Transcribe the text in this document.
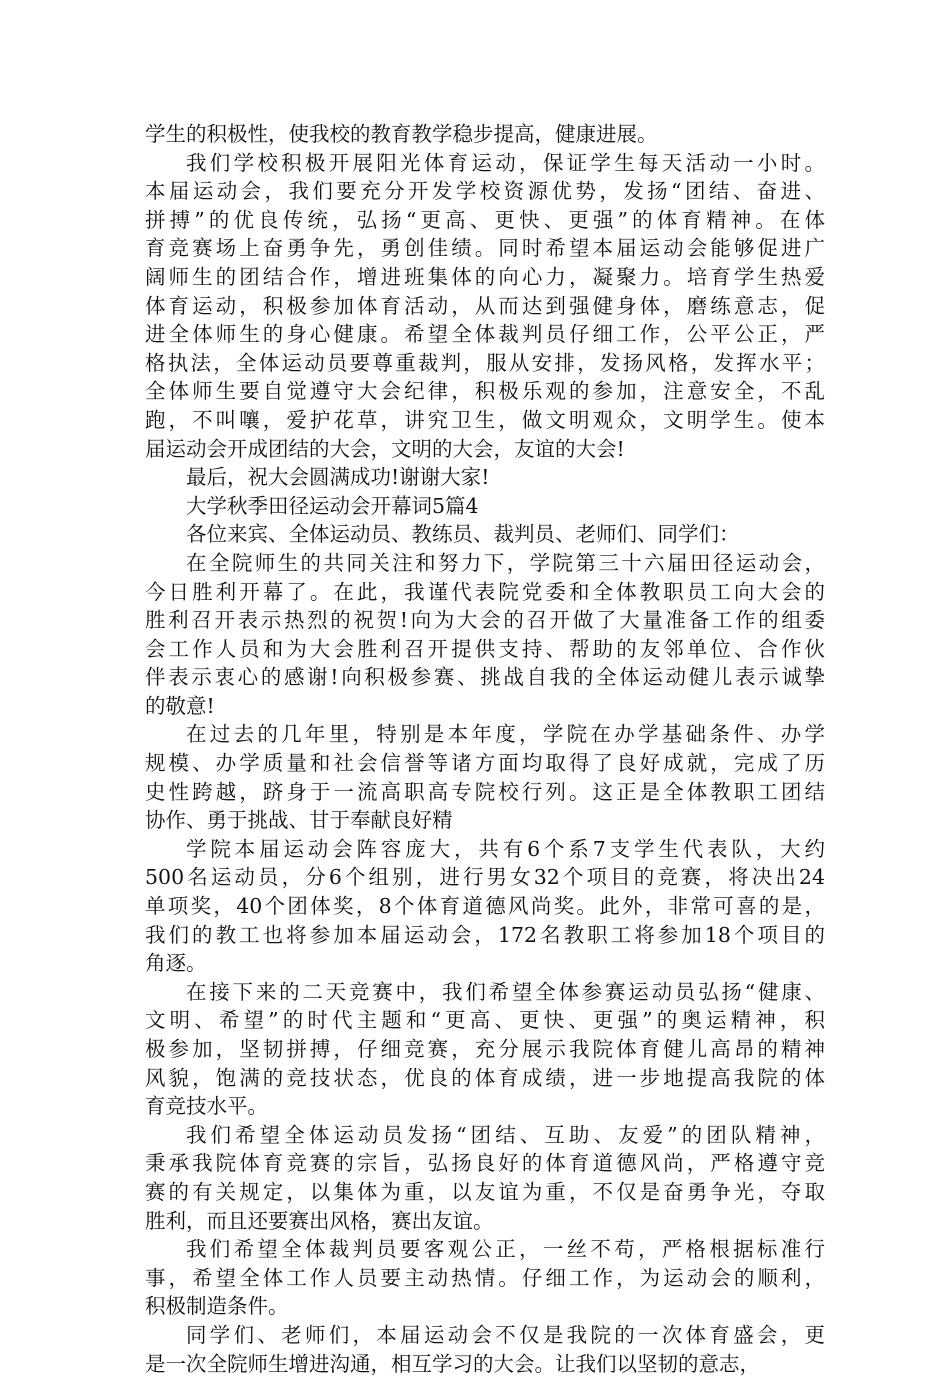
学生的积极性，使我校的教育教学稳步提高，健康进展。
我们学校积极开展阳光体育运动，保证学生每天活动一小时。
本届运动会，我们要充分开发学校资源优势，发扬“团结、奋进、
拼搏”的优良传统，弘扬“更高、更快、更强”的体育精神。在体
育竞赛场上奋勇争先，勇创佳绩。同时希望本届运动会能够促进广
阔师生的团结合作，增进班集体的向心力，凝聚力。培育学生热爱
体育运动，积极参加体育活动，从而达到强健身体，磨练意志，促
进全体师生的身心健康。希望全体裁判员仔细工作，公平公正，严
格执法，全体运动员要尊重裁判，服从安排，发扬风格，发挥水平；
全体师生要自觉遵守大会纪律，积极乐观的参加，注意安全，不乱
跑，不叫嚷，爱护花草，讲究卫生，做文明观众，文明学生。使本
届运动会开成团结的大会，文明的大会，友谊的大会!
最后，祝大会圆满成功!谢谢大家!
大学秋季田径运动会开幕词5篇4
各位来宾、全体运动员、教练员、裁判员、老师们、同学们：
在全院师生的共同关注和努力下，学院第三十六届田径运动会，
今日胜利开幕了。在此，我谨代表院党委和全体教职员工向大会的
胜利召开表示热烈的祝贺!向为大会的召开做了大量准备工作的组委
会工作人员和为大会胜利召开提供支持、帮助的友邻单位、合作伙
伴表示衷心的感谢!向积极参赛、挑战自我的全体运动健儿表示诚挚
的敬意!
在过去的几年里，特别是本年度，学院在办学基础条件、办学
规模、办学质量和社会信誉等诸方面均取得了良好成就，完成了历
史性跨越，跻身于一流高职高专院校行列。这正是全体教职工团结
协作、勇于挑战、甘于奉献良好精
学院本届运动会阵容庞大，共有6个系7支学生代表队，大约
500名运动员，分6个组别，进行男女32个项目的竞赛，将决出24
单项奖，40个团体奖，8个体育道德风尚奖。此外，非常可喜的是，
我们的教工也将参加本届运动会，172名教职工将参加18个项目的
角逐。
在接下来的二天竞赛中，我们希望全体参赛运动员弘扬“健康、
文明、希望”的时代主题和“更高、更快、更强”的奥运精神，积
极参加，坚韧拼搏，仔细竞赛，充分展示我院体育健儿高昂的精神
风貌，饱满的竞技状态，优良的体育成绩，进一步地提高我院的体
育竞技水平。
我们希望全体运动员发扬“团结、互助、友爱”的团队精神，
秉承我院体育竞赛的宗旨，弘扬良好的体育道德风尚，严格遵守竞
赛的有关规定，以集体为重，以友谊为重，不仅是奋勇争光，夺取
胜利，而且还要赛出风格，赛出友谊。
我们希望全体裁判员要客观公正，一丝不苟，严格根据标准行
事，希望全体工作人员要主动热情。仔细工作，为运动会的顺利，
积极制造条件。
同学们、老师们，本届运动会不仅是我院的一次体育盛会，更
是一次全院师生增进沟通，相互学习的大会。让我们以坚韧的意志，
